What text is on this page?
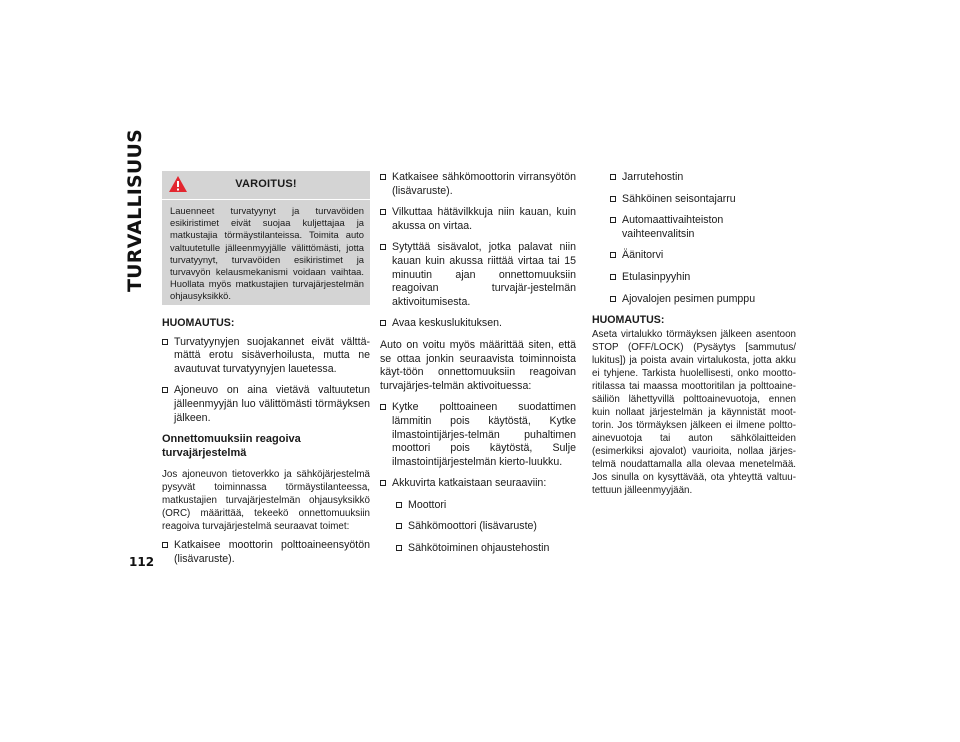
TURVALLISUUS
112
VAROITUS!
Lauenneet turvatyynyt ja turvavöiden esikiristimet eivät suojaa kuljettajaa ja matkustajia törmäystilanteissa. Toimita auto valtuutetulle jälleenmyyjälle välittömästi, jotta turvatyynyt, turvavöiden esikiristimet ja turvavyön kelausmekanismi voidaan vaihtaa. Huollata myös matkustajien turvajärjestelmän ohjausyksikkö.
HUOMAUTUS:
Turvatyynyjen suojakannet eivät välttä-mättä erotu sisäverhoilusta, mutta ne avautuvat turvatyynyjen lauetessa.
Ajoneuvo on aina vietävä valtuutetun jälleenmyyjän luo välittömästi törmäyksen jälkeen.
Onnettomuuksiin reagoiva turvajärjestelmä

Jos ajoneuvon tietoverkko ja sähköjärjestelmä pysyvät toiminnassa törmäystilanteessa, matkustajien turvajärjestelmän ohjausyksikkö (ORC) määrittää, tekeekö onnettomuuksiin reagoiva turvajärjestelmä seuraavat toimet:

Katkaisee moottorin polttoaineensyötön (lisävaruste).
Katkaisee sähkömoottorin virransyötön (lisävaruste).
Vilkuttaa hätävilkkuja niin kauan, kuin akussa on virtaa.
Sytyttää sisävalot, jotka palavat niin kauan kuin akussa riittää virtaa tai 15 minuutin ajan onnettomuuksiin reagoivan turvajär-jestelmän aktivoitumisesta.
Avaa keskuslukituksen.

Auto on voitu myös määrittää siten, että se ottaa jonkin seuraavista toiminnoista käyt-töön onnettomuuksiin reagoivan turvajärjes-telmän aktivoituessa:

Kytke polttoaineen suodattimen lämmitin pois käytöstä, Kytke ilmastointijärjes-telmän puhaltimen moottori pois käytöstä, Sulje ilmastointijärjestelmän kierto-luukku.
Akkuvirta katkaistaan seuraaviin:
Moottori
Sähkömoottori (lisävaruste)
Sähkötoiminen ohjaustehostin
Jarrutehostin
Sähköinen seisontajarru
Automaattivaihteiston vaihteenvalitsin
Äänitorvi
Etulasinpyyhin
Ajovalojen pesimen pumppu
HUOMAUTUS:

Aseta virtalukko törmäyksen jälkeen asentoon STOP (OFF/LOCK) (Pysäytys [sammutus/ lukitus]) ja poista avain virtalukosta, jotta akku ei tyhjene. Tarkista huolellisesti, onko mootto-ritilassa tai maassa moottoritilan ja polttoaine-säiliön lähettyvillä polttoainevuotoja, ennen kuin nollaat järjestelmän ja käynnistät moot-torin. Jos törmäyksen jälkeen ei ilmene poltto-ainevuotoja tai auton sähkölaitteiden (esimerkiksi ajovalot) vaurioita, nollaa järjes-telmä noudattamalla alla olevaa menetelmää. Jos sinulla on kysyttävää, ota yhteyttä valtuu-tettuun jälleenmyyjään.
